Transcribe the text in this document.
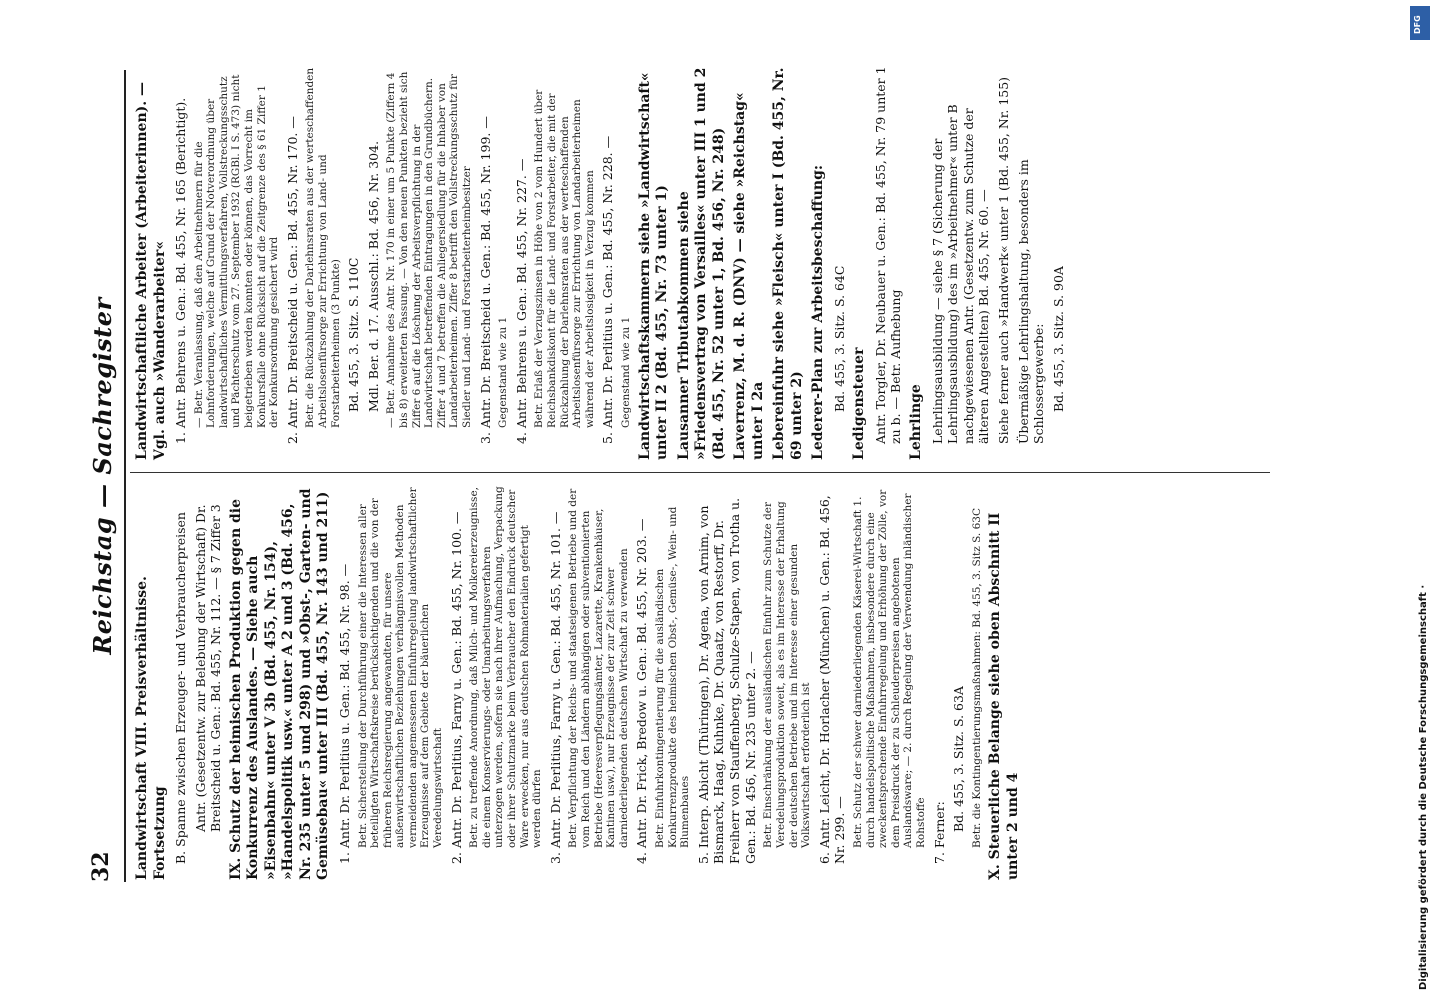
32
Reichstag — Sachregister

Landwirtschaft VIII. Preisverhältnisse. Fortsetzung B. Spanne zwischen Erzeuger- und Verbraucherpreisen Antr. (Gesetzentw. zur Belebung der Wirtschaft) Dr. Breitscheid u. Gen.: Bd. 455, Nr. 112. — § 7 Ziffer 3 IX. Schutz der heimischen Produktion gegen die Konkurrenz des Auslandes. — Siehe auch »Eisenbahn« unter V 3b (Bd. 455, Nr. 154), »Handelspolitik usw.« unter A 2 und 3 (Bd. 456, Nr. 235 unter 5 und 298) und »Obst-, Garten- und Gemüsebau« unter III (Bd. 455, Nr. 143 und 211) 1. Antr. Dr. Perlitius u. Gen.: Bd. 455, Nr. 98. — Betr. Sicherstellung der Durchführung einer die Interessen aller beteiligten Wirtschaftskreise berücksichtigenden und die von der früheren Reichsregierung angewandten, für unsere außenwirtschaftlichen Beziehungen verhängnisvollen Methoden vermeidenden angemessenen Einfuhrregelung landwirtschaftlicher Erzeugnisse auf dem Gebiete der bäuerlichen Veredelungswirtschaft 2. Antr. Dr. Perlitius, Farny u. Gen.: Bd. 455, Nr. 100. — Betr. zu treffende Anordnung, daß Milch- und Molkereierzeugnisse, die einem Konservierungs- oder Umarbeitungsverfahren unterzogen werden, sofern sie nach ihrer Aufmachung, Verpackung oder ihrer Schutzmarke beim Verbraucher den Eindruck deutscher Ware erwecken, nur aus deutschen Rohmaterialien gefertigt werden dürfen 3. Antr. Dr. Perlitius, Farny u. Gen.: Bd. 455, Nr. 101. — Betr. Verpflichtung der Reichs- und staatseigenen Betriebe und der vom Reich und den Ländern abhängigen oder subventionierten Betriebe (Heeresverpflegungsämter, Lazarette, Krankenhäuser, Kantinen usw.), nur Erzeugnisse der zur Zeit schwer darniederliegenden deutschen Wirtschaft zu verwenden 4. Antr. Dr. Frick, Bredow u. Gen.: Bd. 455, Nr. 203. — Betr. Einfuhrkontingentierung für die ausländischen Konkurrenzprodukte des heimischen Obst-, Gemüse-, Wein- und Blumenbaues 5. Interp. Abicht (Thüringen), Dr. Agena, von Arnim, von Bismarck, Haag, Kuhnke, Dr. Quaatz, von Restorff, Dr. Freiherr von Stauffenberg, Schulze-Stapen, von Trotha u. Gen.: Bd. 456, Nr. 235 unter 2. — Betr. Einschränkung der ausländischen Einfuhr zum Schutze der Veredelungsproduktion soweit, als es im Interesse der Erhaltung der deutschen Betriebe und im Interesse einer gesunden Volkswirtschaft erforderlich ist 6. Antr. Leicht, Dr. Horlacher (München) u. Gen.: Bd. 456, Nr. 299. — Betr. Schutz der schwer darniederliegenden Käserei-Wirtschaft 1. durch handelspolitische Maßnahmen, insbesondere durch eine zweckentsprechende Einfuhrregelung und Erhöhung der Zölle, vor dem Preisdruck der zu Schleuderpreisen angebotenen Auslandsware; — 2. durch Regelung der Verwendung inländischer Rohstoffe 7. Ferner:

Bd. 455, 3. Sitz. S. 63A Betr. die Kontingentierungsmaßnahmen: Bd. 455, 3. Sitz S. 63C X. Steuerliche Belange siehe oben Abschnitt II unter 2 und 4

Landwirtschaftliche Arbeiter (Arbeiterinnen). — Vgl. auch »Wanderarbeiter« 1. Antr. Behrens u. Gen.: Bd. 455, Nr. 165 (Berichtigt). — Betr. Veranlassung, daß den Arbeitnehmern für die Lohnforderungen, welche auf Grund der Notverordnung über landwirtschaftliches Vermittlungsverfahren, Vollstreckungsschutz und Pächterschutz vom 27. September 1932 (RGBl. I S. 473) nicht beigetrieben werden konnten oder können, das Vorrecht im Konkursfalle ohne Rücksicht auf die Zeitgrenze des § 61 Ziffer 1 der Konkursordnung gesichert wird 2. Antr. Dr. Breitscheid u. Gen.: Bd. 455, Nr. 170. — Betr. die Rückzahlung der Darlehnsraten aus der werteschaffenden Arbeitslosenfürsorge zur Errichtung von Land- und Forstarbeiterheimen (3 Punkte) Bd. 455, 3. Sitz. S. 110C Mdl. Ber. d. 17. Ausschl.: Bd. 456, Nr. 304. — Betr. Annahme des Antr. Nr. 170 in einer um 5 Punkte (Ziffern 4 bis 8) erweiterten Fassung. — Von den neuen Punkten bezieht sich Ziffer 6 auf die Löschung der Arbeitsverpflichtung in der Landwirtschaft betreffenden Eintragungen in den Grundbüchern. Ziffer 4 und 7 betreffen die Anliegersiedlung für die Inhaber von Landarbeiterheimen. Ziffer 8 betrifft den Vollstreckungsschutz für Siedler und Land- und Forstarbeiterheimbesitzer 3. Antr. Dr. Breitscheid u. Gen.: Bd. 455, Nr. 199. — Gegenstand wie zu 1 4. Antr. Behrens u. Gen.: Bd. 455, Nr. 227. — Betr. Erlaß der Verzugszinsen in Höhe von 2 vom Hundert über Reichsbankdiskont für die Land- und Forstarbeiter, die mit der Rückzahlung der Darlehnsraten aus der werteschaffenden Arbeitslosenfürsorge zur Errichtung von Landarbeiterheimen während der Arbeitslosigkeit in Verzug kommen 5. Antr. Dr. Perlitius u. Gen.: Bd. 455, Nr. 228. — Gegenstand wie zu 1 Landwirtschaftskammern siehe »Landwirtschaft« unter II 2 (Bd. 455, Nr. 73 unter 1) Lausanner Tributabkommen siehe »Friedensvertrag von Versailles« unter III 1 und 2 (Bd. 455, Nr. 52 unter 1, Bd. 456, Nr. 248) Laverrenz, M. d. R. (DNV) — siehe »Reichstag« unter I 2a Lebereinfuhr siehe »Fleisch« unter I (Bd. 455, Nr. 69 unter 2) Lederer-Plan zur Arbeitsbeschaffung: Bd. 455, 3. Sitz. S. 64C Ledigensteuer Antr. Torgler, Dr. Neubauer u. Gen.: Bd. 455, Nr. 79 unter 1 zu b. — Betr. Aufhebung Lehrlinge Lehrlingsausbildung — siehe § 7 (Sicherung der Lehrlingsausbildung) des im »Arbeitnehmer« unter B nachgewiesenen Antr. (Gesetzentw. zum Schutze der älteren Angestellten) Bd. 455, Nr. 60. — Siehe ferner auch »Handwerk« unter 1 (Bd. 455, Nr. 155) Übermäßige Lehrlingshaltung, besonders im Schlossergewerbe: Bd. 455, 3. Sitz. S. 90A

DFG
Digitalisierung gefördert durch die Deutsche Forschungsgemeinschaft ·
